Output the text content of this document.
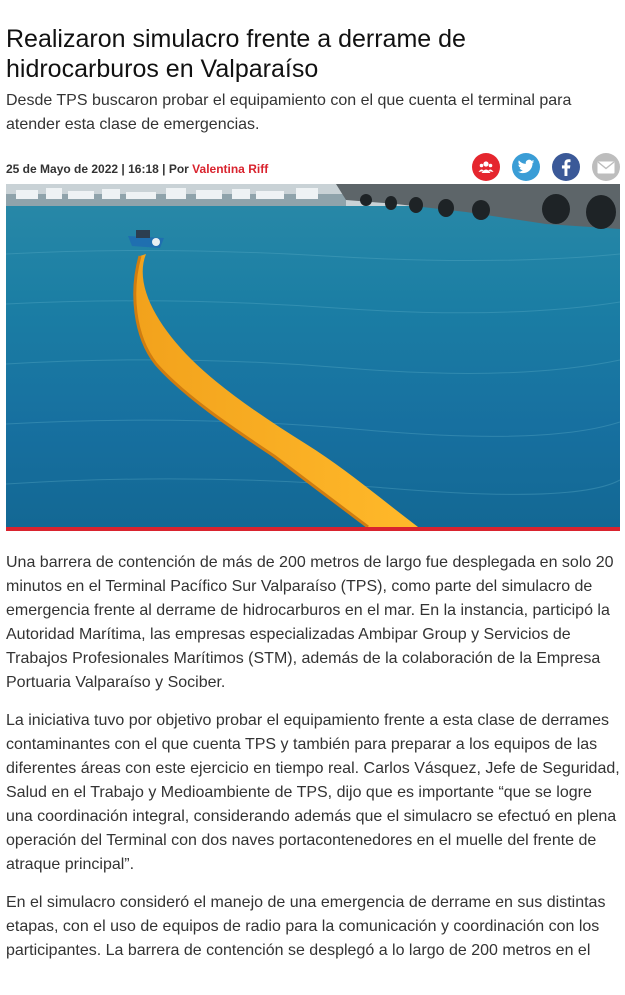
Realizaron simulacro frente a derrame de hidrocarburos en Valparaíso
Desde TPS buscaron probar el equipamiento con el que cuenta el terminal para atender esta clase de emergencias.
25 de Mayo de 2022 | 16:18 | Por Valentina Riff

Una barrera de contención de más de 200 metros de largo fue desplegada en solo 20 minutos en el Terminal Pacífico Sur Valparaíso (TPS), como parte del simulacro de emergencia frente al derrame de hidrocarburos en el mar. En la instancia, participó la Autoridad Marítima, las empresas especializadas Ambipar Group y Servicios de Trabajos Profesionales Marítimos (STM), además de la colaboración de la Empresa Portuaria Valparaíso y Sociber.

La iniciativa tuvo por objetivo probar el equipamiento frente a esta clase de derrames contaminantes con el que cuenta TPS y también para preparar a los equipos de las diferentes áreas con este ejercicio en tiempo real. Carlos Vásquez, Jefe de Seguridad, Salud en el Trabajo y Medioambiente de TPS, dijo que es importante “que se logre una coordinación integral, considerando además que el simulacro se efectuó en plena operación del Terminal con dos naves portacontenedores en el muelle del frente de atraque principal”.

En el simulacro consideró el manejo de una emergencia de derrame en sus distintas etapas, con el uso de equipos de radio para la comunicación y coordinación con los participantes. La barrera de contención se desplegó a lo largo de 200 metros en el
